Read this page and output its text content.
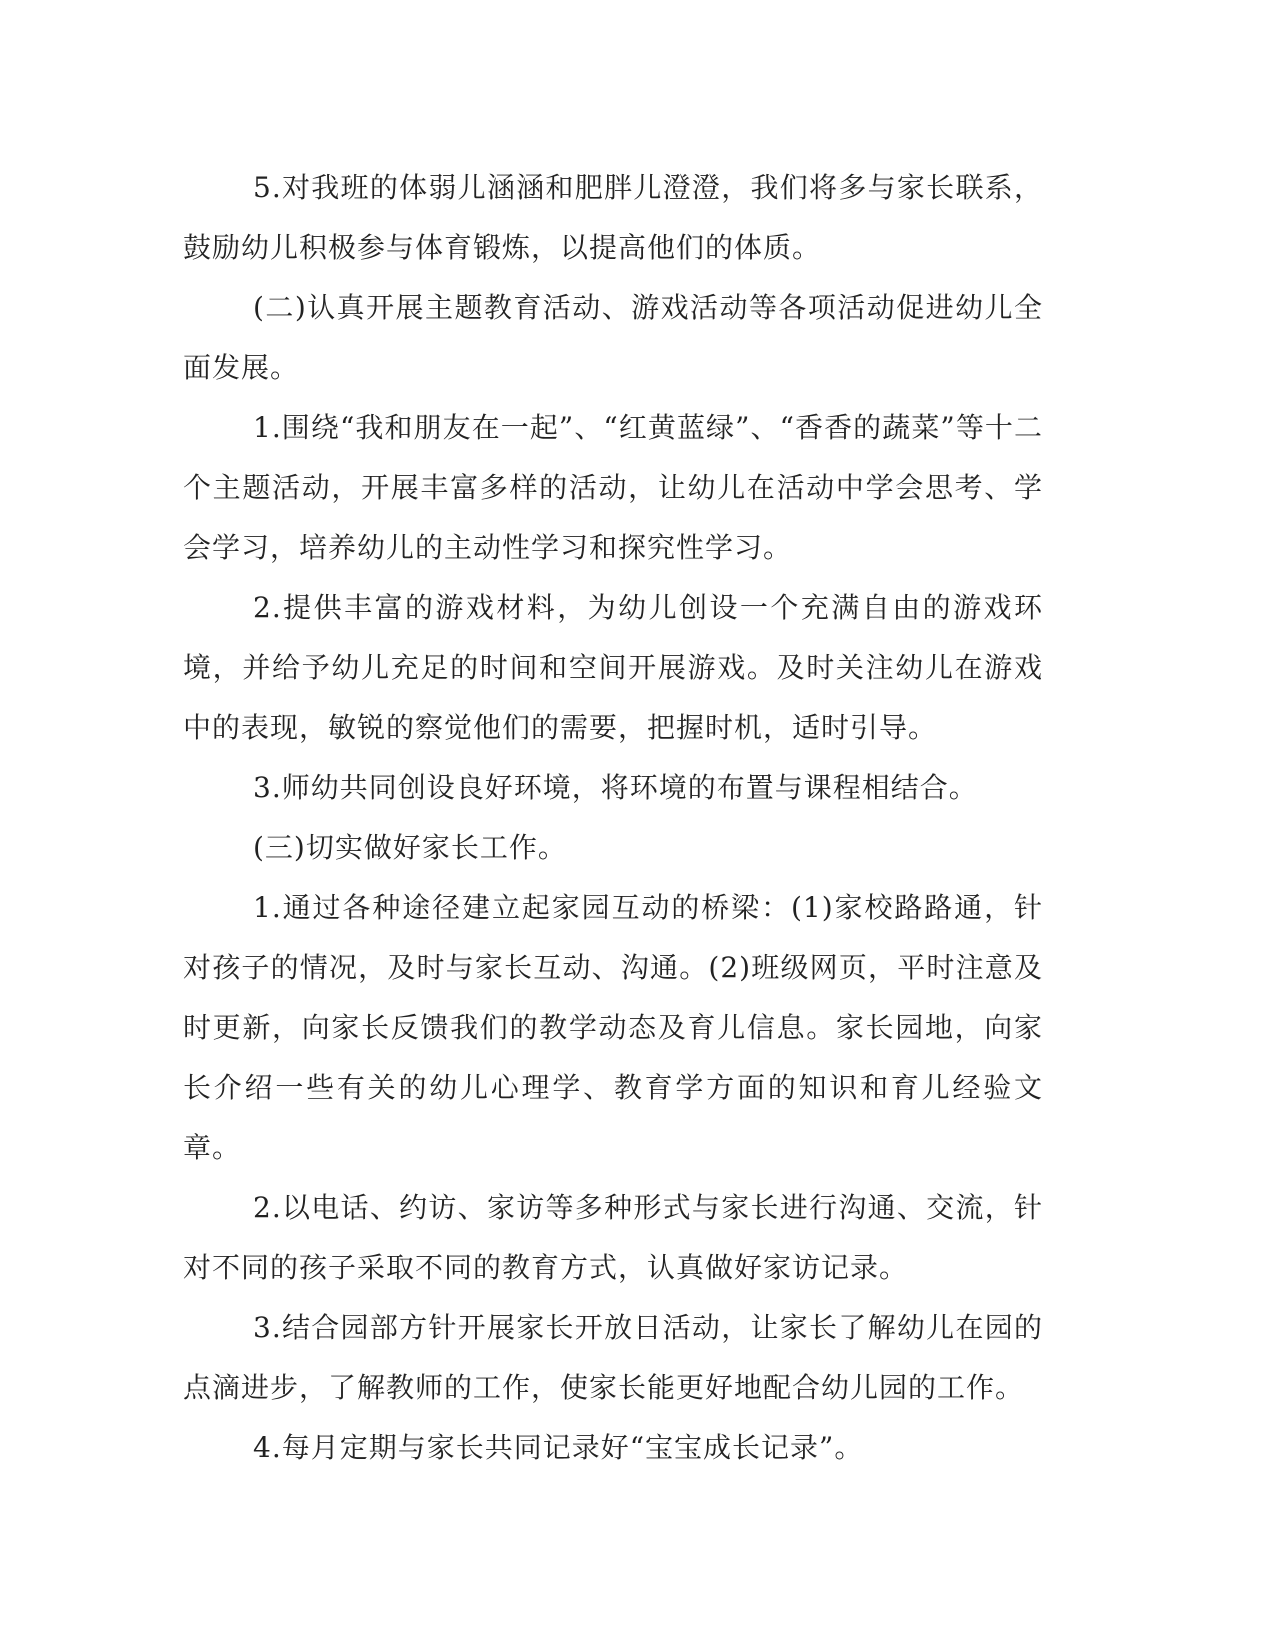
5.对我班的体弱儿涵涵和肥胖儿澄澄，我们将多与家长联系，鼓励幼儿积极参与体育锻炼，以提高他们的体质。

(二)认真开展主题教育活动、游戏活动等各项活动促进幼儿全面发展。

1.围绕“我和朋友在一起”、“红黄蓝绿”、“香香的蔬菜”等十二个主题活动，开展丰富多样的活动，让幼儿在活动中学会思考、学会学习，培养幼儿的主动性学习和探究性学习。

2.提供丰富的游戏材料，为幼儿创设一个充满自由的游戏环境，并给予幼儿充足的时间和空间开展游戏。及时关注幼儿在游戏中的表现，敏锐的察觉他们的需要，把握时机，适时引导。

3.师幼共同创设良好环境，将环境的布置与课程相结合。

(三)切实做好家长工作。

1.通过各种途径建立起家园互动的桥梁：(1)家校路路通，针对孩子的情况，及时与家长互动、沟通。(2)班级网页，平时注意及时更新，向家长反馈我们的教学动态及育儿信息。家长园地，向家长介绍一些有关的幼儿心理学、教育学方面的知识和育儿经验文章。

2.以电话、约访、家访等多种形式与家长进行沟通、交流，针对不同的孩子采取不同的教育方式，认真做好家访记录。

3.结合园部方针开展家长开放日活动，让家长了解幼儿在园的点滴进步，了解教师的工作，使家长能更好地配合幼儿园的工作。

4.每月定期与家长共同记录好“宝宝成长记录”。
